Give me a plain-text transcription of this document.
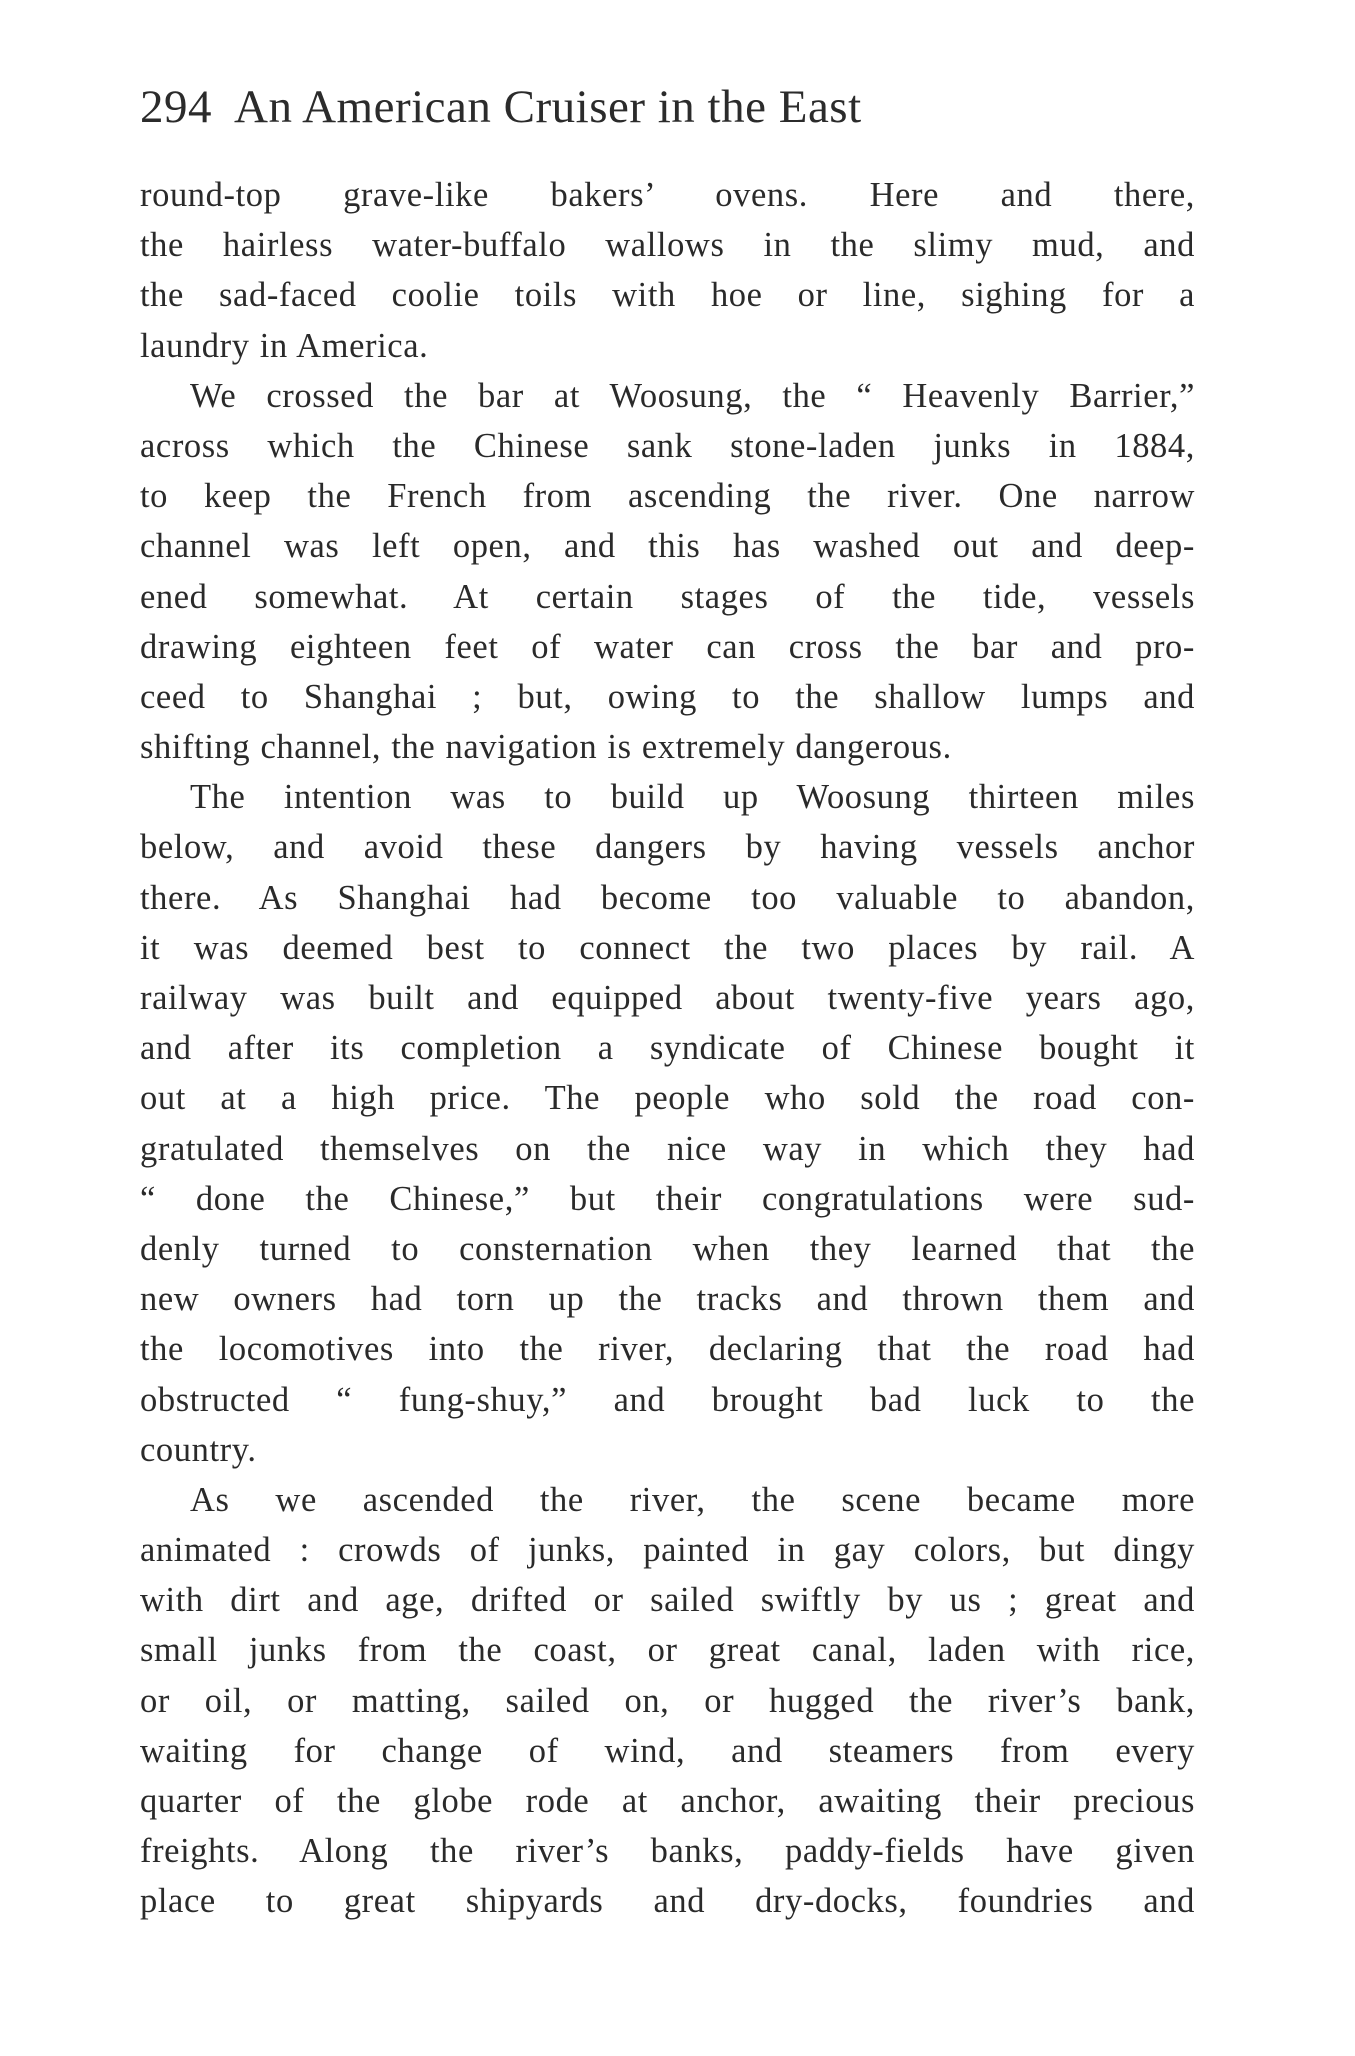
294 An American Cruiser in the East
round-top grave-like bakers’ ovens. Here and there,
the hairless water-buffalo wallows in the slimy mud, and
the sad-faced coolie toils with hoe or line, sighing for a
laundry in America.
We crossed the bar at Woosung, the “ Heavenly Barrier,”
across which the Chinese sank stone-laden junks in 1884,
to keep the French from ascending the river. One narrow
channel was left open, and this has washed out and deep-
ened somewhat. At certain stages of the tide, vessels
drawing eighteen feet of water can cross the bar and pro-
ceed to Shanghai ; but, owing to the shallow lumps and
shifting channel, the navigation is extremely dangerous.
The intention was to build up Woosung thirteen miles
below, and avoid these dangers by having vessels anchor
there. As Shanghai had become too valuable to abandon,
it was deemed best to connect the two places by rail. A
railway was built and equipped about twenty-five years ago,
and after its completion a syndicate of Chinese bought it
out at a high price. The people who sold the road con-
gratulated themselves on the nice way in which they had
“ done the Chinese,” but their congratulations were sud-
denly turned to consternation when they learned that the
new owners had torn up the tracks and thrown them and
the locomotives into the river, declaring that the road had
obstructed “ fung-shuy,” and brought bad luck to the
country.
As we ascended the river, the scene became more
animated : crowds of junks, painted in gay colors, but dingy
with dirt and age, drifted or sailed swiftly by us ; great and
small junks from the coast, or great canal, laden with rice,
or oil, or matting, sailed on, or hugged the river’s bank,
waiting for change of wind, and steamers from every
quarter of the globe rode at anchor, awaiting their precious
freights. Along the river’s banks, paddy-fields have given
place to great shipyards and dry-docks, foundries and
